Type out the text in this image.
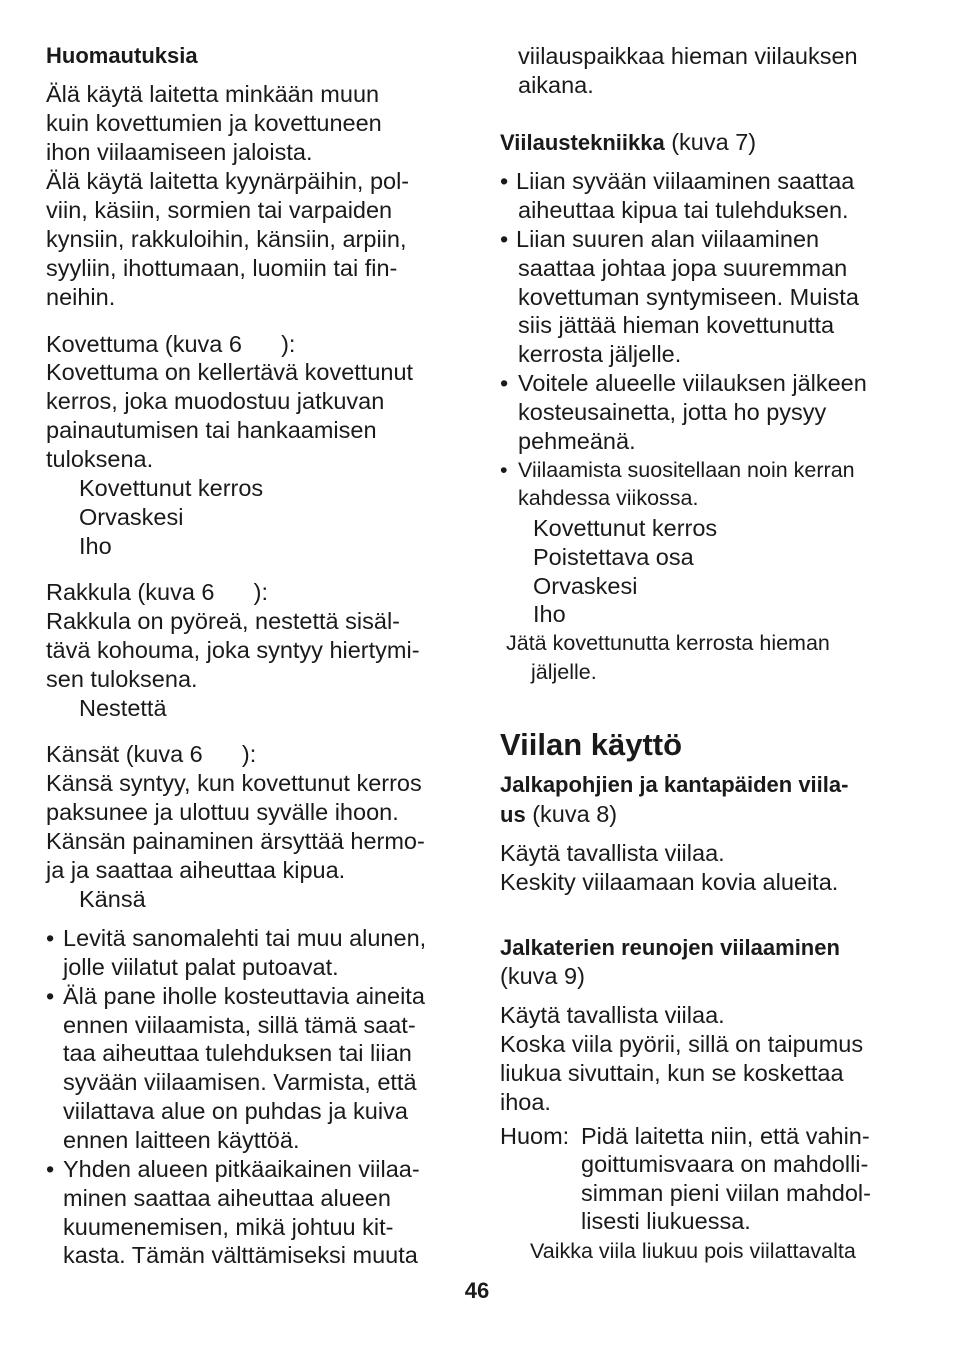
Huomautuksia
Älä käytä laitetta minkään muun
kuin kovettumien ja kovettuneen
ihon viilaamiseen jaloista.
Älä käytä laitetta kyynärpäihin, pol-
viin, käsiin, sormien tai varpaiden
kynsiin, rakkuloihin, känsiin, arpiin,
syyliin, ihottumaan, luomiin tai fin-
neihin.
Kovettuma (kuva 6      ):
Kovettuma on kellertävä kovettunut
kerros, joka muodostuu jatkuvan
painautumisen tai hankaamisen
tuloksena.
Kovettunut kerros
Orvaskesi
Iho
Rakkula (kuva 6      ):
Rakkula on pyöreä, nestettä sisäl-
tävä kohouma, joka syntyy hiertymi-
sen tuloksena.
Nestettä
Känsät (kuva 6      ):
Känsä syntyy, kun kovettunut kerros
paksunee ja ulottuu syvälle ihoon.
Känsän painaminen ärsyttää hermo-
ja ja saattaa aiheuttaa kipua.
Känsä
• Levitä sanomalehti tai muu alunen,
jolle viilatut palat putoavat.
• Älä pane iholle kosteuttavia aineita
ennen viilaamista, sillä tämä saat-
taa aiheuttaa tulehduksen tai liian
syvään viilaamisen. Varmista, että
viilattava alue on puhdas ja kuiva
ennen laitteen käyttöä.
• Yhden alueen pitkäaikainen viilaa-
minen saattaa aiheuttaa alueen
kuumenemisen, mikä johtuu kit-
kasta. Tämän välttämiseksi muuta
viilauspaikkaa hieman viilauksen
aikana.
Viilaustekniikka (kuva 7)
• Liian syvään viilaaminen saattaa
aiheuttaa kipua tai tulehduksen.
• Liian suuren alan viilaaminen
saattaa johtaa jopa suuremman
kovettuman syntymiseen. Muista
siis jättää hieman kovettunutta
kerrosta jäljelle.
• Voitele alueelle viilauksen jälkeen
kosteusainetta, jotta ho pysyy
pehmeänä.
• Viilaamista suositellaan noin kerran
kahdessa viikossa.
Kovettunut kerros
Poistettava osa
Orvaskesi
Iho
Jätä kovettunutta kerrosta hieman
jäljelle.
Viilan käyttö
Jalkapohjien ja kantapäiden viila-
us (kuva 8)
Käytä tavallista viilaa.
Keskity viilaamaan kovia alueita.
Jalkaterien reunojen viilaaminen
(kuva 9)
Käytä tavallista viilaa.
Koska viila pyörii, sillä on taipumus
liukua sivuttain, kun se koskettaa
ihoa.
Huom: Pidä laitetta niin, että vahin-
goittumisvaara on mahdolli-
simman pieni viilan mahdol-
lisesti liukuessa.
Vaikka viila liukuu pois viilattavalta
46
